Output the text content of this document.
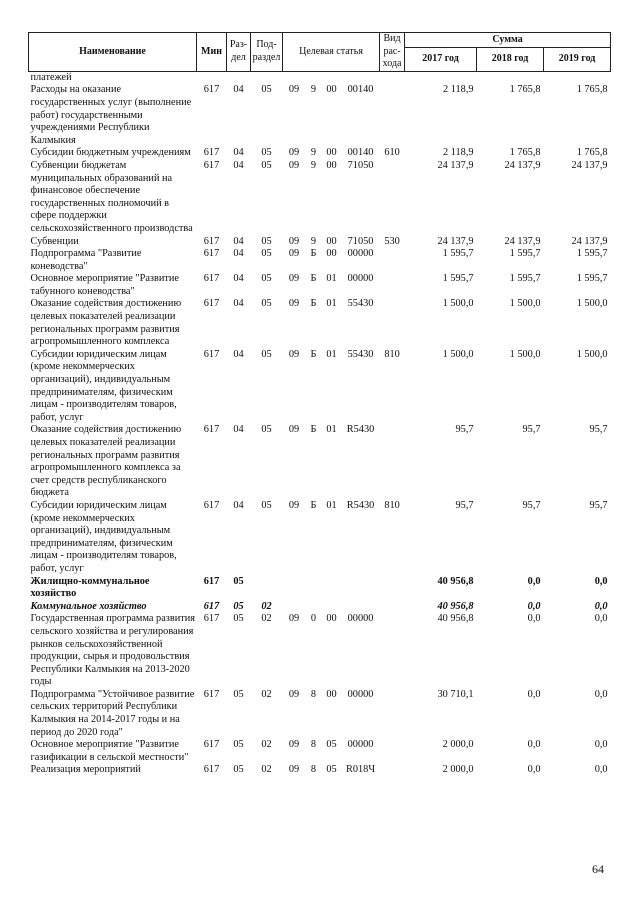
Наименование	Мин	Раз-дел	Под-раздел	Целевая статья				Вид рас-хода	Сумма		
									2017 год	2018 год	2019 год
платежей											
Расходы на оказание государственных услуг (выполнение работ) государственными учреждениями Республики Калмыкия	617	04	05	09	9	00	00140		2 118,9	1 765,8	1 765,8
Субсидии бюджетным учреждениям	617	04	05	09	9	00	00140	610	2 118,9	1 765,8	1 765,8
Субвенции бюджетам муниципальных образований на финансовое обеспечение государственных полномочий в сфере поддержки сельскохозяйственного производства	617	04	05	09	9	00	71050		24 137,9	24 137,9	24 137,9
Субвенции	617	04	05	09	9	00	71050	530	24 137,9	24 137,9	24 137,9
Подпрограмма "Развитие коневодства"	617	04	05	09	Б	00	00000		1 595,7	1 595,7	1 595,7
Основное мероприятие "Развитие табунного коневодства"	617	04	05	09	Б	01	00000		1 595,7	1 595,7	1 595,7
Оказание содействия достижению целевых показателей реализации региональных программ развития агропромышленного комплекса	617	04	05	09	Б	01	55430		1 500,0	1 500,0	1 500,0
Субсидии юридическим лицам (кроме некоммерческих организаций), индивидуальным предпринимателям, физическим лицам - производителям товаров, работ, услуг	617	04	05	09	Б	01	55430	810	1 500,0	1 500,0	1 500,0
Оказание содействия достижению целевых показателей реализации региональных программ развития агропромышленного комплекса за счет средств республиканского бюджета	617	04	05	09	Б	01	R5430		95,7	95,7	95,7
Субсидии юридическим лицам (кроме некоммерческих организаций), индивидуальным предпринимателям, физическим лицам - производителям товаров, работ, услуг	617	04	05	09	Б	01	R5430	810	95,7	95,7	95,7
Жилищно-коммунальное хозяйство	617	05							40 956,8	0,0	0,0
Коммунальное хозяйство	617	05	02						40 956,8	0,0	0,0
Государственная программа развития сельского хозяйства и регулирования рынков сельскохозяйственной продукции, сырья и продовольствия Республики Калмыкия на 2013-2020 годы	617	05	02	09	0	00	00000		40 956,8	0,0	0,0
Подпрограмма "Устойчивое развитие сельских территорий Республики Калмыкия на 2014-2017 годы и на период до 2020 года"	617	05	02	09	8	00	00000		30 710,1	0,0	0,0
Основное мероприятие "Развитие газификации в сельской местности"	617	05	02	09	8	05	00000		2 000,0	0,0	0,0
Реализация мероприятий	617	05	02	09	8	05	R018Ч		2 000,0	0,0	0,0
64
